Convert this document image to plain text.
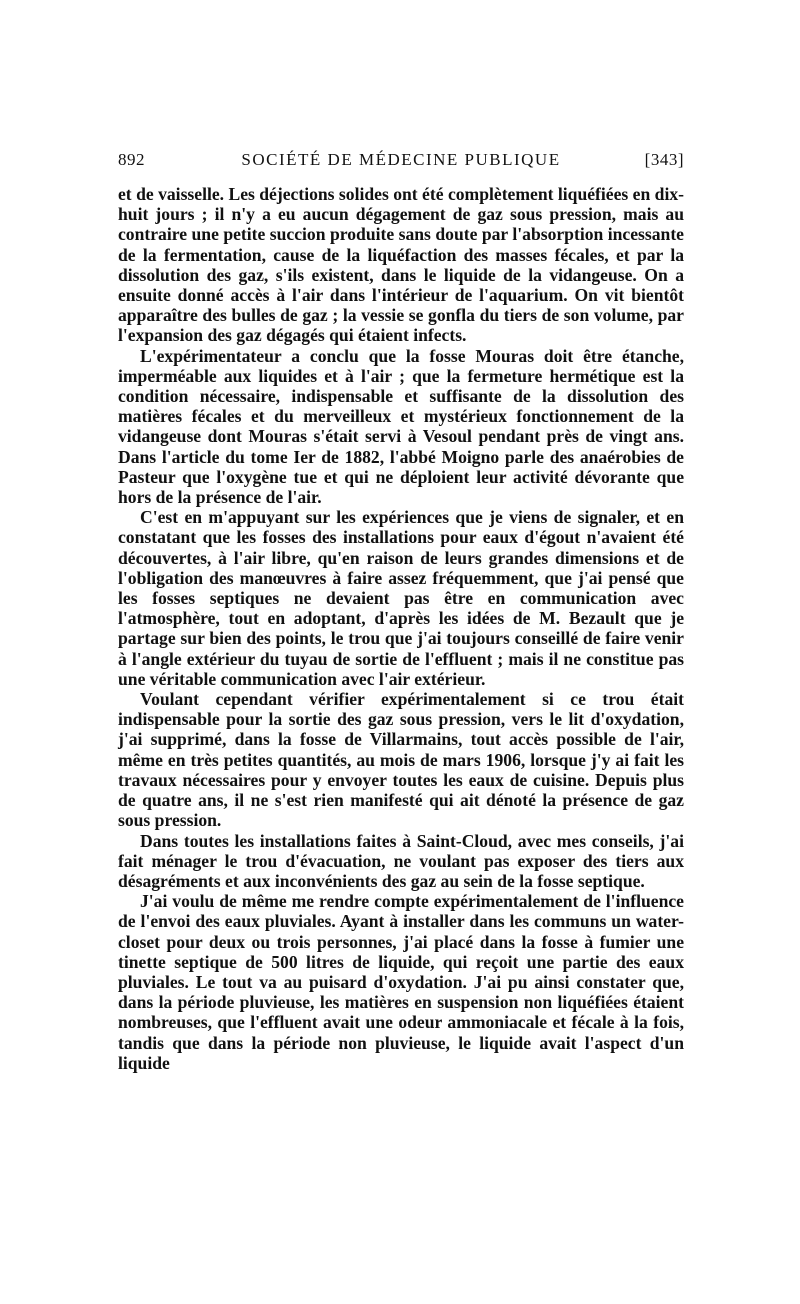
892	SOCIÉTÉ DE MÉDECINE PUBLIQUE	[343]

et de vaisselle. Les déjections solides ont été complètement liquéfiées en dix-huit jours ; il n'y a eu aucun dégagement de gaz sous pression, mais au contraire une petite succion produite sans doute par l'absorption incessante de la fermentation, cause de la liquéfaction des masses fécales, et par la dissolution des gaz, s'ils existent, dans le liquide de la vidangeuse. On a ensuite donné accès à l'air dans l'intérieur de l'aquarium. On vit bientôt apparaître des bulles de gaz ; la vessie se gonfla du tiers de son volume, par l'expansion des gaz dégagés qui étaient infects.

L'expérimentateur a conclu que la fosse Mouras doit être étanche, imperméable aux liquides et à l'air ; que la fermeture hermétique est la condition nécessaire, indispensable et suffisante de la dissolution des matières fécales et du merveilleux et mystérieux fonctionnement de la vidangeuse dont Mouras s'était servi à Vesoul pendant près de vingt ans. Dans l'article du tome Ier de 1882, l'abbé Moigno parle des anaérobies de Pasteur que l'oxygène tue et qui ne déploient leur activité dévorante que hors de la présence de l'air.

C'est en m'appuyant sur les expériences que je viens de signaler, et en constatant que les fosses des installations pour eaux d'égout n'avaient été découvertes, à l'air libre, qu'en raison de leurs grandes dimensions et de l'obligation des manœuvres à faire assez fréquemment, que j'ai pensé que les fosses septiques ne devaient pas être en communication avec l'atmosphère, tout en adoptant, d'après les idées de M. Bezault que je partage sur bien des points, le trou que j'ai toujours conseillé de faire venir à l'angle extérieur du tuyau de sortie de l'effluent ; mais il ne constitue pas une véritable communication avec l'air extérieur.

Voulant cependant vérifier expérimentalement si ce trou était indispensable pour la sortie des gaz sous pression, vers le lit d'oxydation, j'ai supprimé, dans la fosse de Villarmains, tout accès possible de l'air, même en très petites quantités, au mois de mars 1906, lorsque j'y ai fait les travaux nécessaires pour y envoyer toutes les eaux de cuisine. Depuis plus de quatre ans, il ne s'est rien manifesté qui ait dénoté la présence de gaz sous pression.

Dans toutes les installations faites à Saint-Cloud, avec mes conseils, j'ai fait ménager le trou d'évacuation, ne voulant pas exposer des tiers aux désagréments et aux inconvénients des gaz au sein de la fosse septique.

J'ai voulu de même me rendre compte expérimentalement de l'influence de l'envoi des eaux pluviales. Ayant à installer dans les communs un water-closet pour deux ou trois personnes, j'ai placé dans la fosse à fumier une tinette septique de 500 litres de liquide, qui reçoit une partie des eaux pluviales. Le tout va au puisard d'oxydation. J'ai pu ainsi constater que, dans la période pluvieuse, les matières en suspension non liquéfiées étaient nombreuses, que l'effluent avait une odeur ammoniacale et fécale à la fois, tandis que dans la période non pluvieuse, le liquide avait l'aspect d'un liquide
